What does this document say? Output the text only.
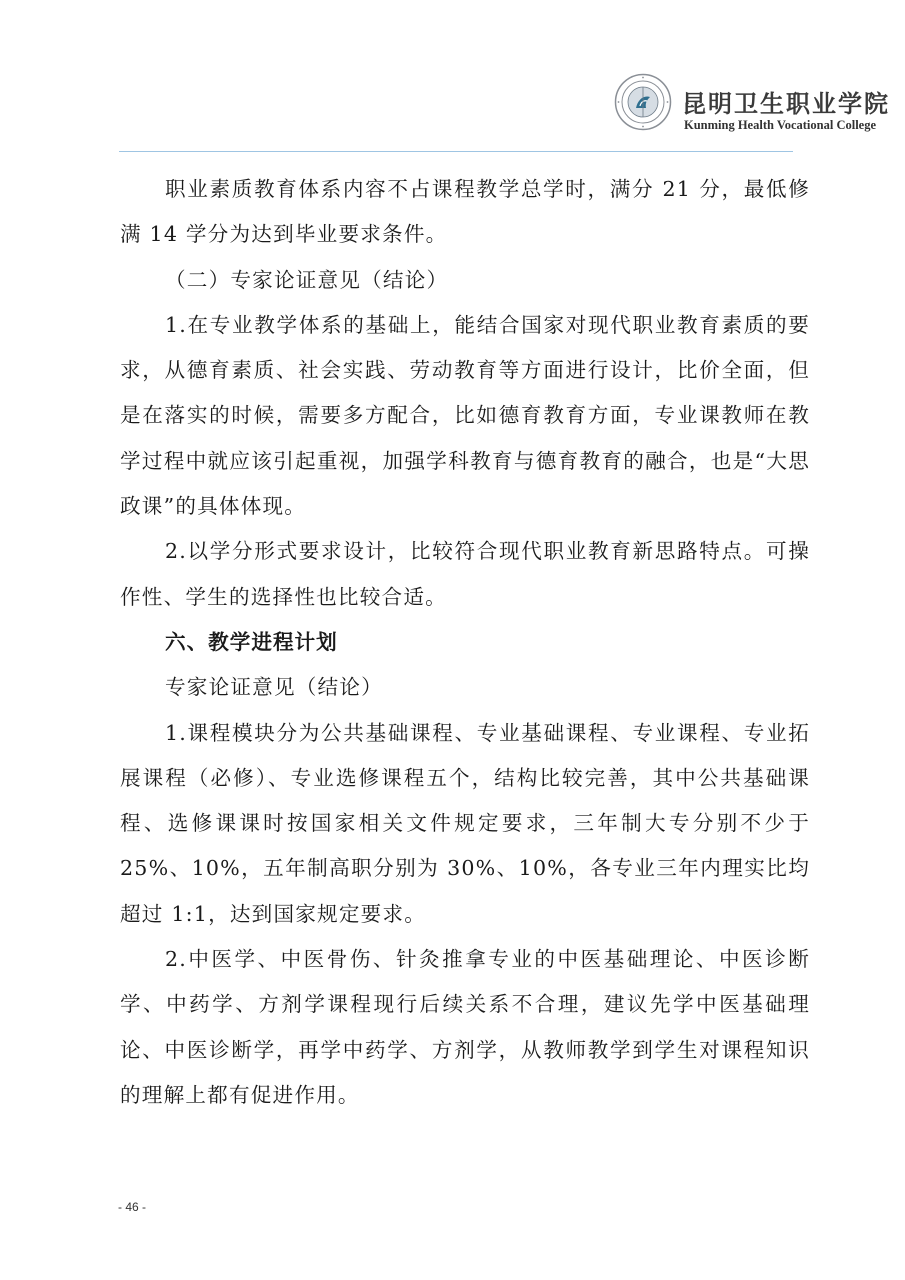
昆明卫生职业学院
Kunming Health Vocational College

职业素质教育体系内容不占课程教学总学时，满分 21 分，最低修满 14 学分为达到毕业要求条件。

（二）专家论证意见（结论）

1.在专业教学体系的基础上，能结合国家对现代职业教育素质的要求，从德育素质、社会实践、劳动教育等方面进行设计，比价全面，但是在落实的时候，需要多方配合，比如德育教育方面，专业课教师在教学过程中就应该引起重视，加强学科教育与德育教育的融合，也是“大思政课”的具体体现。

2.以学分形式要求设计，比较符合现代职业教育新思路特点。可操作性、学生的选择性也比较合适。

六、教学进程计划

专家论证意见（结论）

1.课程模块分为公共基础课程、专业基础课程、专业课程、专业拓展课程（必修）、专业选修课程五个，结构比较完善，其中公共基础课程、选修课课时按国家相关文件规定要求，三年制大专分别不少于 25%、10%，五年制高职分别为 30%、10%，各专业三年内理实比均超过 1:1，达到国家规定要求。

2.中医学、中医骨伤、针灸推拿专业的中医基础理论、中医诊断学、中药学、方剂学课程现行后续关系不合理，建议先学中医基础理论、中医诊断学，再学中药学、方剂学，从教师教学到学生对课程知识的理解上都有促进作用。

- 46 -
